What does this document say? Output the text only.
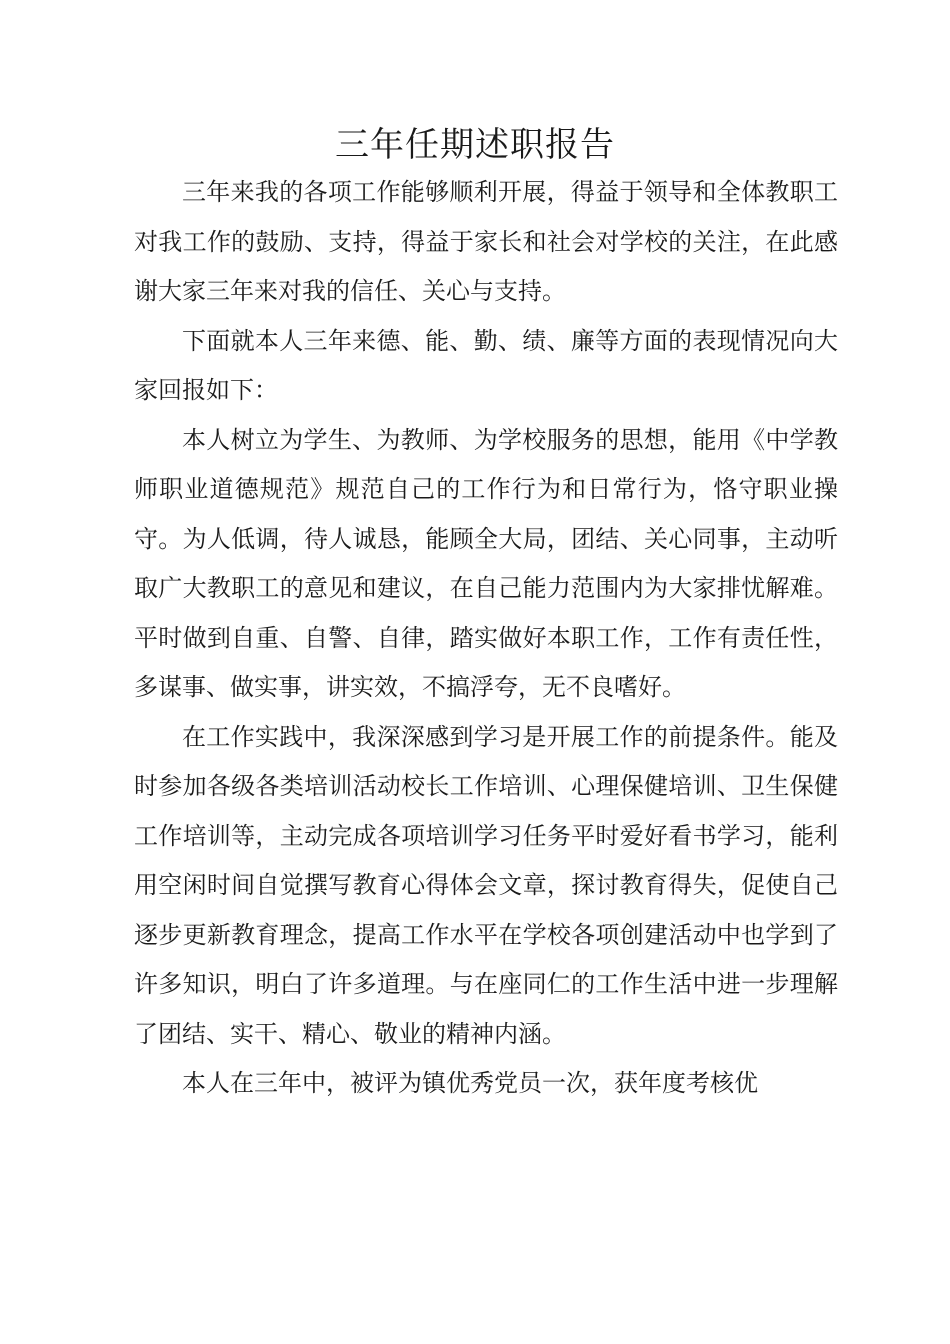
三年任期述职报告

三年来我的各项工作能够顺利开展，得益于领导和全体教职工对我工作的鼓励、支持，得益于家长和社会对学校的关注，在此感谢大家三年来对我的信任、关心与支持。

下面就本人三年来德、能、勤、绩、廉等方面的表现情况向大家回报如下：

本人树立为学生、为教师、为学校服务的思想，能用《中学教师职业道德规范》规范自己的工作行为和日常行为，恪守职业操守。为人低调，待人诚恳，能顾全大局，团结、关心同事，主动听取广大教职工的意见和建议，在自己能力范围内为大家排忧解难。平时做到自重、自警、自律，踏实做好本职工作，工作有责任性，多谋事、做实事，讲实效，不搞浮夸，无不良嗜好。

在工作实践中，我深深感到学习是开展工作的前提条件。能及时参加各级各类培训活动校长工作培训、心理保健培训、卫生保健工作培训等，主动完成各项培训学习任务平时爱好看书学习，能利用空闲时间自觉撰写教育心得体会文章，探讨教育得失，促使自己逐步更新教育理念，提高工作水平在学校各项创建活动中也学到了许多知识，明白了许多道理。与在座同仁的工作生活中进一步理解了团结、实干、精心、敬业的精神内涵。

本人在三年中，被评为镇优秀党员一次，获年度考核优
